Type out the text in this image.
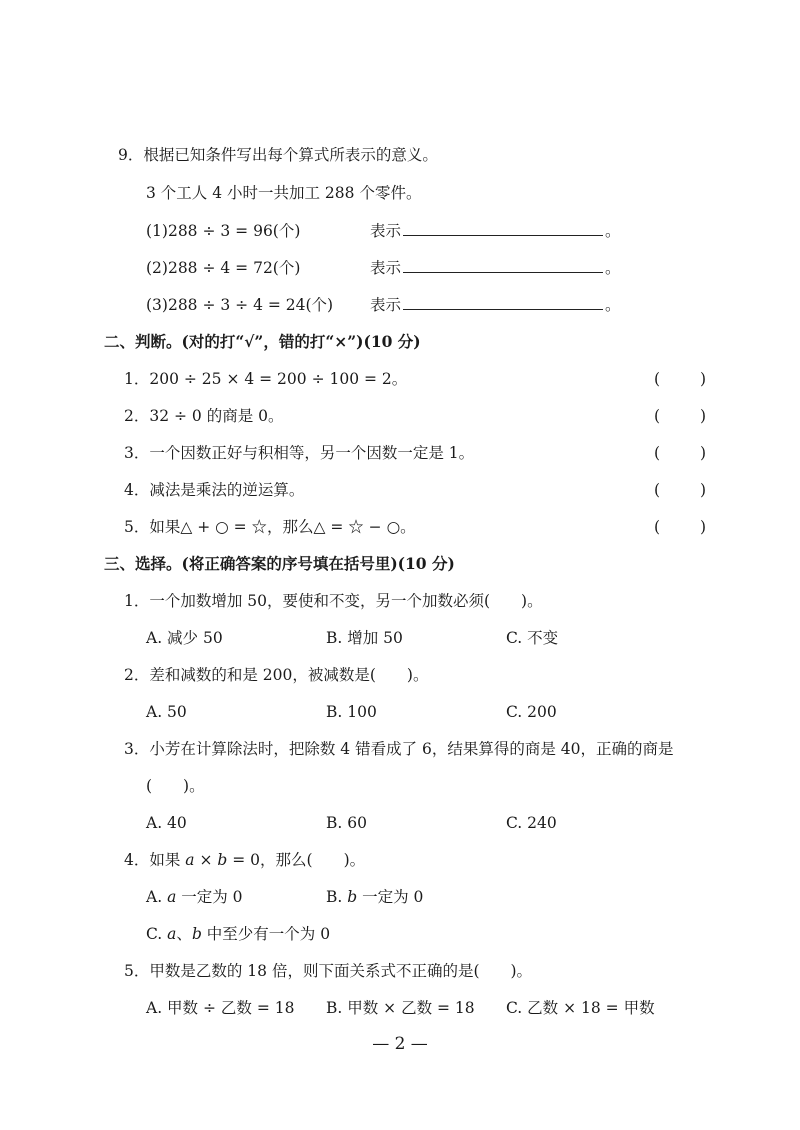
9．根据已知条件写出每个算式所表示的意义。
3 个工人 4 小时一共加工 288 个零件。
(1)288 ÷ 3 = 96(个)	表示	。
(2)288 ÷ 4 = 72(个)	表示	。
(3)288 ÷ 3 ÷ 4 = 24(个) 表示	。
二、判断。(对的打“√”，错的打“×”)(10 分)
1．200 ÷ 25 × 4 = 200 ÷ 100 = 2。	(	)
2．32 ÷ 0 的商是 0。	(	)
3．一个因数正好与积相等，另一个因数一定是 1。	(	)
4．减法是乘法的逆运算。	(	)
5．如果△ + ○ = ☆，那么△ = ☆ − ○。	(	)
三、选择。(将正确答案的序号填在括号里)(10 分)
1．一个加数增加 50，要使和不变，另一个加数必须(　　)。
A. 减少 50	B. 增加 50	C. 不变
2．差和减数的和是 200，被减数是(　　)。
A. 50	B. 100	C. 200
3．小芳在计算除法时，把除数 4 错看成了 6，结果算得的商是 40，正确的商是
(　　)。
A. 40	B. 60	C. 240
4．如果 a × b = 0，那么(　　)。
A. a 一定为 0	B. b 一定为 0
C. a、b 中至少有一个为 0
5．甲数是乙数的 18 倍，则下面关系式不正确的是(　　)。
A. 甲数 ÷ 乙数 = 18 B. 甲数 × 乙数 = 18 C. 乙数 × 18 = 甲数
— 2 —
